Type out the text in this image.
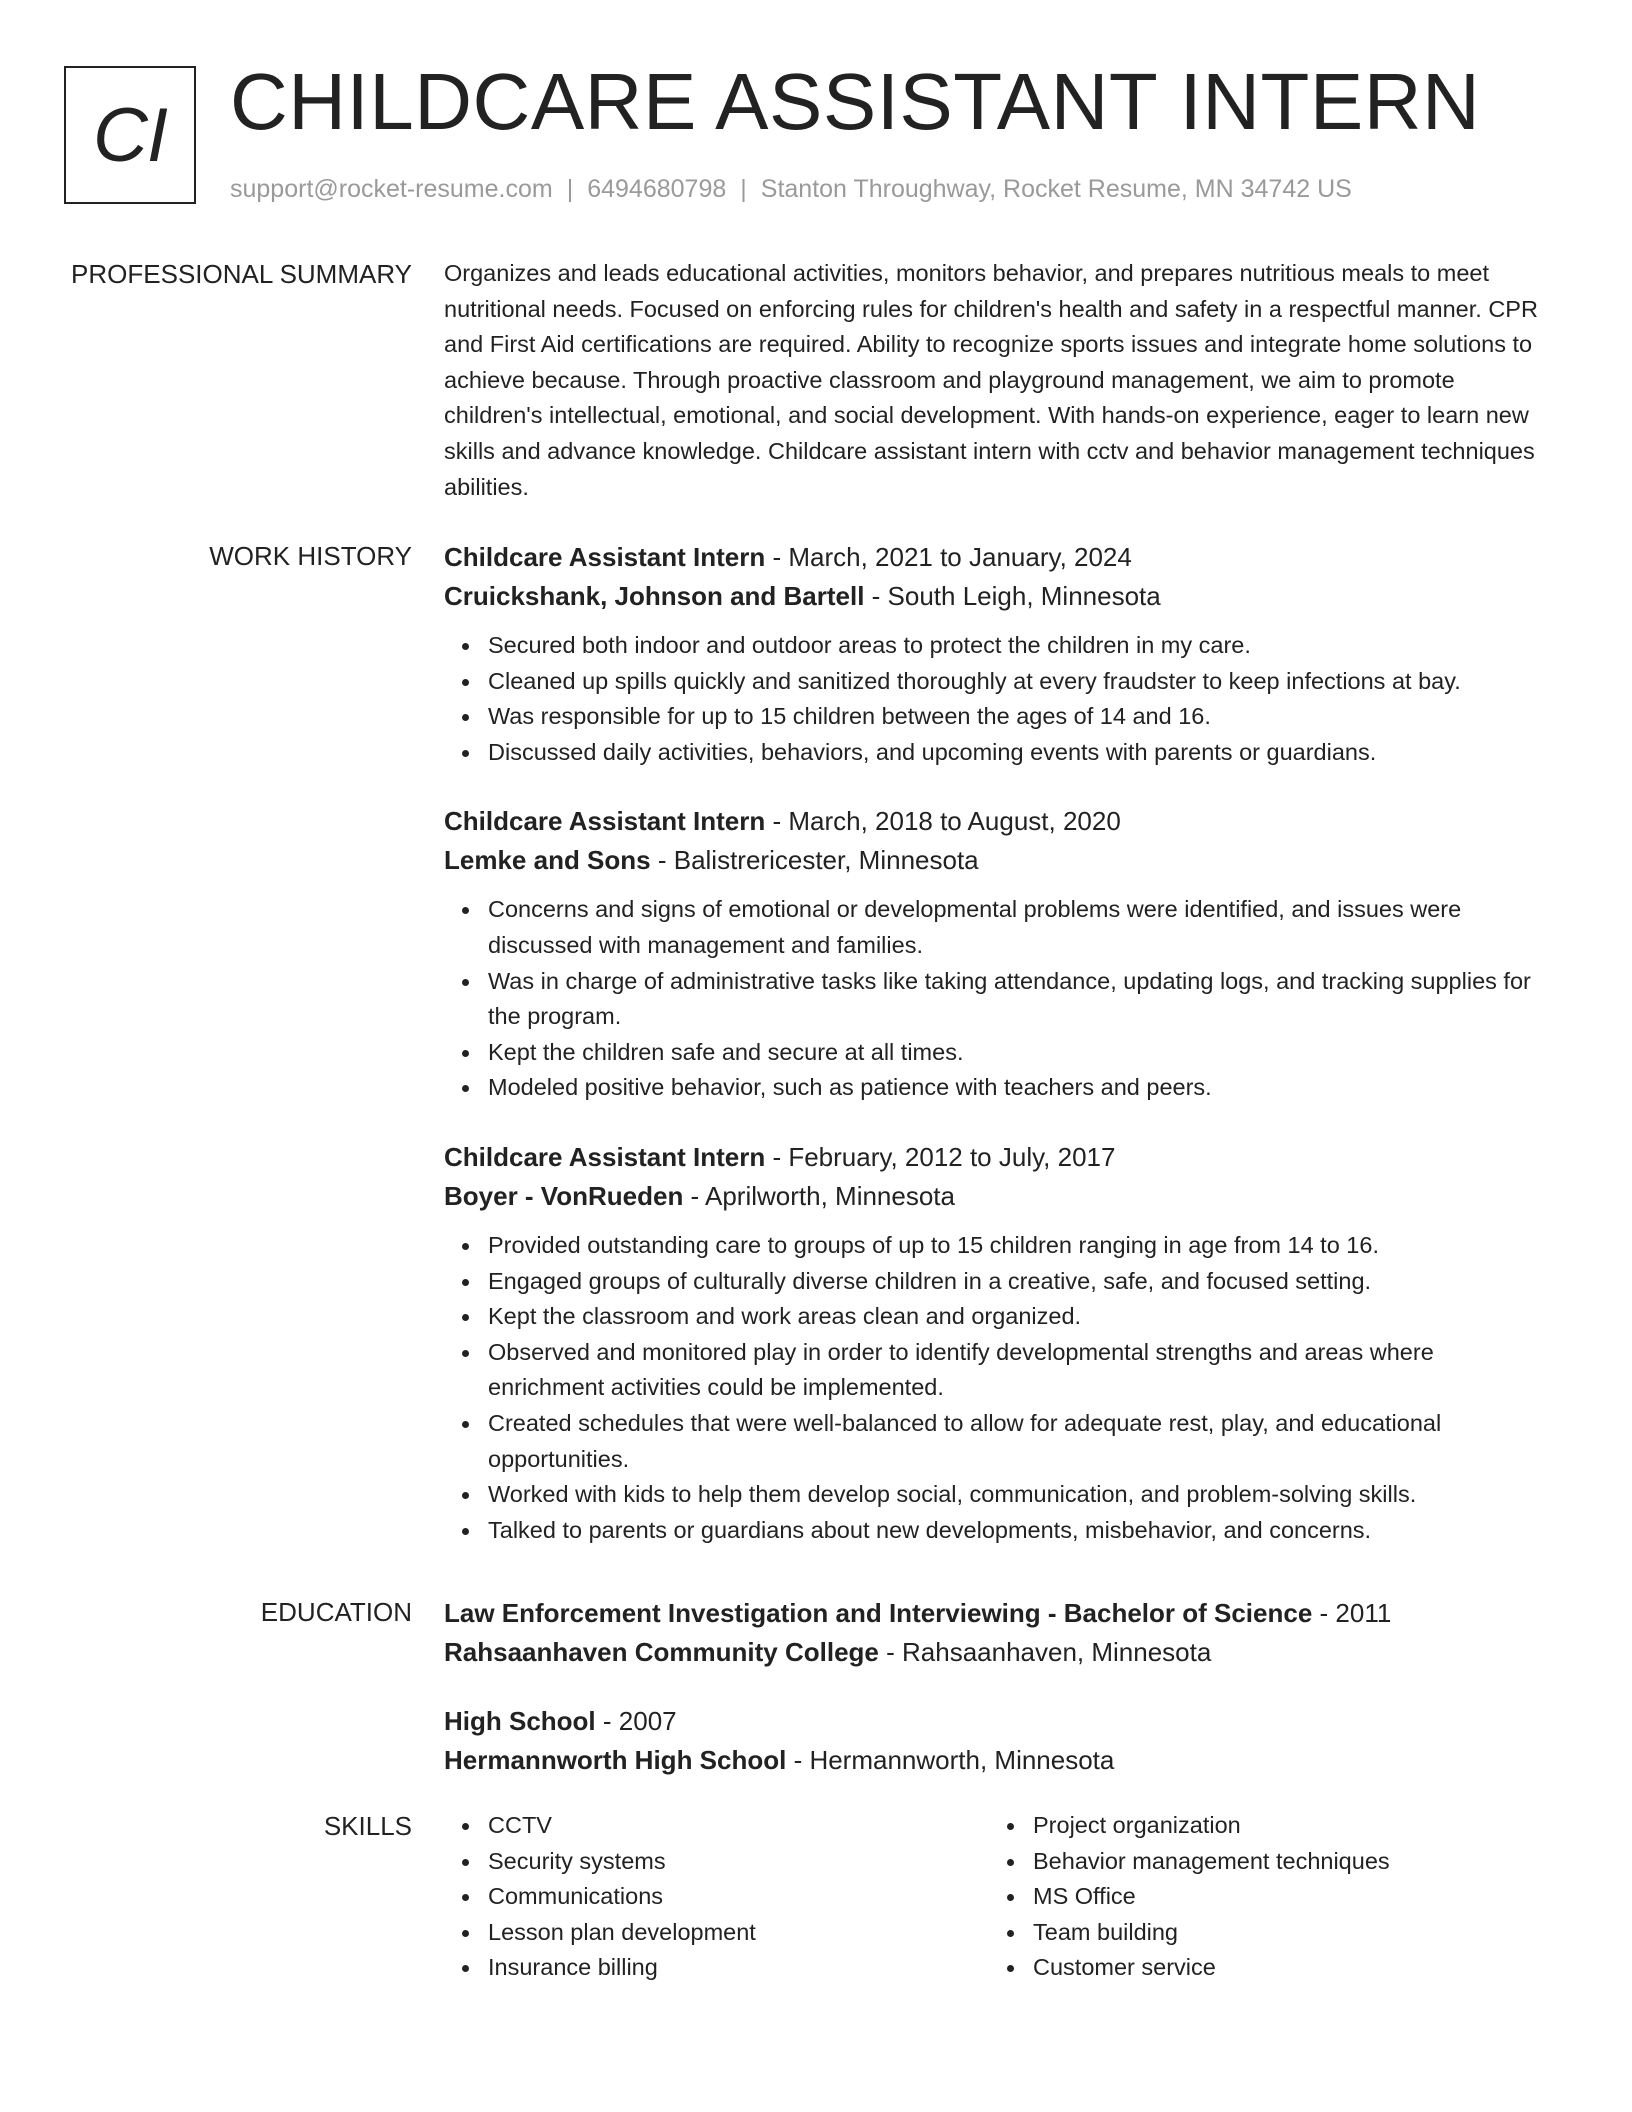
CI CHILDCARE ASSISTANT INTERN
support@rocket-resume.com | 6494680798 | Stanton Throughway, Rocket Resume, MN 34742 US
PROFESSIONAL SUMMARY Organizes and leads educational activities, monitors behavior, and prepares nutritious meals to meet nutritional needs. Focused on enforcing rules for children's health and safety in a respectful manner. CPR and First Aid certifications are required. Ability to recognize sports issues and integrate home solutions to achieve because. Through proactive classroom and playground management, we aim to promote children's intellectual, emotional, and social development. With hands-on experience, eager to learn new skills and advance knowledge. Childcare assistant intern with cctv and behavior management techniques abilities.

WORK HISTORY Childcare Assistant Intern - March, 2021 to January, 2024
Cruickshank, Johnson and Bartell - South Leigh, Minnesota
Secured both indoor and outdoor areas to protect the children in my care.
Cleaned up spills quickly and sanitized thoroughly at every fraudster to keep infections at bay.
Was responsible for up to 15 children between the ages of 14 and 16.
Discussed daily activities, behaviors, and upcoming events with parents or guardians.
Childcare Assistant Intern - March, 2018 to August, 2020
Lemke and Sons - Balistrericester, Minnesota
Concerns and signs of emotional or developmental problems were identified, and issues were discussed with management and families.
Was in charge of administrative tasks like taking attendance, updating logs, and tracking supplies for the program.
Kept the children safe and secure at all times.
Modeled positive behavior, such as patience with teachers and peers.
Childcare Assistant Intern - February, 2012 to July, 2017
Boyer - VonRueden - Aprilworth, Minnesota
Provided outstanding care to groups of up to 15 children ranging in age from 14 to 16.
Engaged groups of culturally diverse children in a creative, safe, and focused setting.
Kept the classroom and work areas clean and organized.
Observed and monitored play in order to identify developmental strengths and areas where enrichment activities could be implemented.
Created schedules that were well-balanced to allow for adequate rest, play, and educational opportunities.
Worked with kids to help them develop social, communication, and problem-solving skills.
Talked to parents or guardians about new developments, misbehavior, and concerns.
EDUCATION Law Enforcement Investigation and Interviewing - Bachelor of Science - 2011
Rahsaanhaven Community College - Rahsaanhaven, Minnesota
High School - 2007
Hermannworth High School - Hermannworth, Minnesota
SKILLS	CCTV
Security systems
Communications
Lesson plan development
Insurance billing
Project organization
Behavior management techniques
MS Office
Team building
Customer service
